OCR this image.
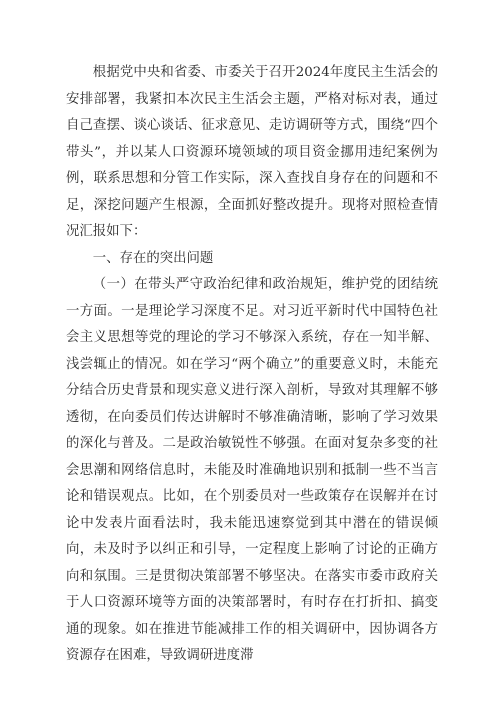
根据党中央和省委、市委关于召开2024年度民主生活会的安排部署，我紧扣本次民主生活会主题，严格对标对表，通过自己查摆、谈心谈话、征求意见、走访调研等方式，围绕“四个带头”，并以某人口资源环境领域的项目资金挪用违纪案例为例，联系思想和分管工作实际，深入查找自身存在的问题和不足，深挖问题产生根源，全面抓好整改提升。现将对照检查情况汇报如下：

一、存在的突出问题

（一）在带头严守政治纪律和政治规矩，维护党的团结统一方面。一是理论学习深度不足。对习近平新时代中国特色社会主义思想等党的理论的学习不够深入系统，存在一知半解、浅尝辄止的情况。如在学习“两个确立”的重要意义时，未能充分结合历史背景和现实意义进行深入剖析，导致对其理解不够透彻，在向委员们传达讲解时不够准确清晰，影响了学习效果的深化与普及。二是政治敏锐性不够强。在面对复杂多变的社会思潮和网络信息时，未能及时准确地识别和抵制一些不当言论和错误观点。比如，在个别委员对一些政策存在误解并在讨论中发表片面看法时，我未能迅速察觉到其中潜在的错误倾向，未及时予以纠正和引导，一定程度上影响了讨论的正确方向和氛围。三是贯彻决策部署不够坚决。在落实市委市政府关于人口资源环境等方面的决策部署时，有时存在打折扣、搞变通的现象。如在推进节能减排工作的相关调研中，因协调各方资源存在困难，导致调研进度滞
